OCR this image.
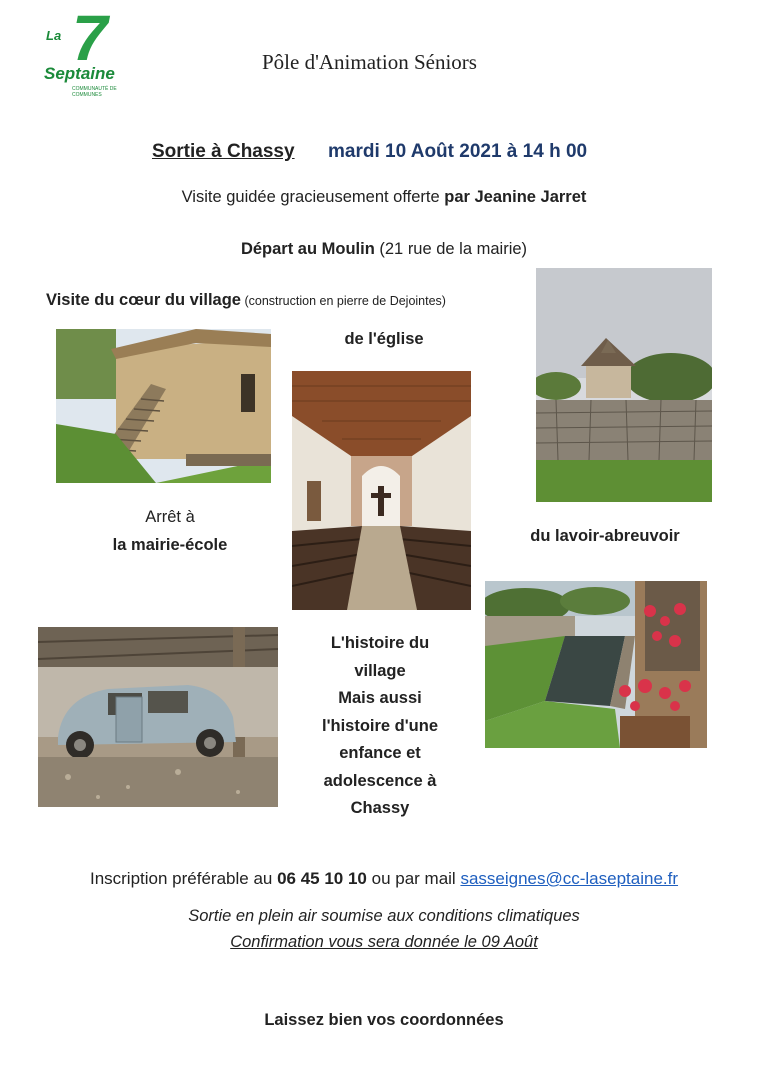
7
La
Septaine
COMMUNAUTÉ DE COMMUNES
Pôle d'Animation Séniors
Sortie à Chassy mardi 10 Août 2021 à 14 h 00
Visite guidée gracieusement offerte par Jeanine Jarret
Départ au Moulin (21 rue de la mairie)
Visite du cœur du village (construction en pierre de Dejointes)
de l'église
Arrêt à
la mairie-école	du lavoir-abreuvoir
L'histoire du
village
Mais aussi
l'histoire d'une
enfance et
adolescence à
Chassy
Inscription préférable au 06 45 10 10 ou par mail sasseignes@cc-laseptaine.fr
Sortie en plein air soumise aux conditions climatiques
Confirmation vous sera donnée le 09 Août
Laissez bien vos coordonnées
